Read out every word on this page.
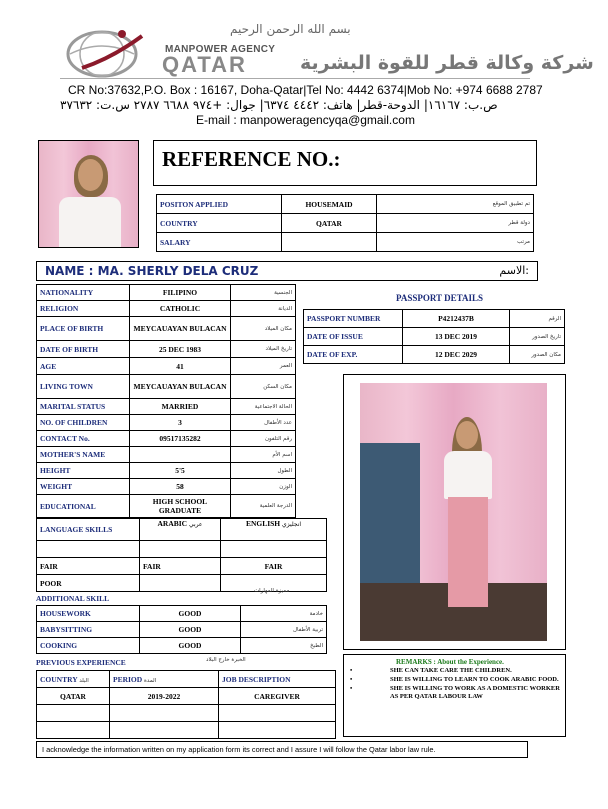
بسم الله الرحمن الرحيم
MANPOWER AGENCY
QATAR	شركة وكالة قطر للقوة البشرية
CR No:37632,P.O. Box : 16167, Doha-Qatar|Tel No: 4442 6374|Mob No: +974 6688 2787
ص.ب: ١٦١٦٧| الدوحة-قطر| هاتف: ٤٤٤٢ ٦٣٧٤| جوال: +٩٧٤ ٦٦٨٨ ٢٧٨٧ س.ت: ٣٧٦٣٢
E-mail : manpoweragencyqa@gmail.com
REFERENCE NO.:
POSITON APPLIED	HOUSEMAID	تم تطبيق الموقع
COUNTRY	QATAR	دولة قطر
SALARY		مرتب
NAME : MA. SHERLY DELA CRUZ	الاسم:
NATIONALITY	FILIPINO	الجنسية
RELIGION	CATHOLIC	الديانة
PLACE OF BIRTH	MEYCAUAYAN BULACAN	مكان الميلاد
DATE OF BIRTH	25 DEC 1983	تاريخ الميلاد
AGE	41	العمر
LIVING TOWN	MEYCAUAYAN BULACAN	مكان السكن
MARITAL STATUS	MARRIED	الحالة الاجتماعية
NO. OF CHILDREN	3	عدد الأطفال
CONTACT No.	09517135282	رقم التلفون
MOTHER'S NAME		اسم الأم
HEIGHT	5'5	الطول
WEIGHT	58	الوزن
EDUCATIONAL	HIGH SCHOOL GRADUATE	الدرجة العلمية
PASSPORT DETAILS
PASSPORT NUMBER	P4212437B	الرقم
DATE OF ISSUE	13 DEC 2019	تاريخ الصدور
DATE OF EXP.	12 DEC 2029	مكان الصدور
LANGUAGE SKILLS	ARABIC عربي	ENGLISH انجليزي

FAIR	FAIR	FAIR
POOR		
ADDITIONAL SKILL
مميزة المهارات
HOUSEWORK	GOOD	خادمة
BABYSITTING	GOOD	تربية الأطفال
COOKING	GOOD	الطبخ
PREVIOUS EXPERIENCE	الخبرة خارج البلاد
COUNTRY البلد	PERIOD المدة	JOB DESCRIPTION
QATAR	2019-2022	CAREGIVER

REMARKS : About the Experience.
•	SHE CAN TAKE CARE THE CHILDREN.
•	SHE IS WILLING TO LEARN TO COOK ARABIC FOOD.
•	SHE IS WILLING TO WORK AS A DOMESTIC WORKER AS PER QATAR LABOUR LAW
I acknowledge the information written on my application form its correct and I assure I will follow the Qatar labor law rule.
